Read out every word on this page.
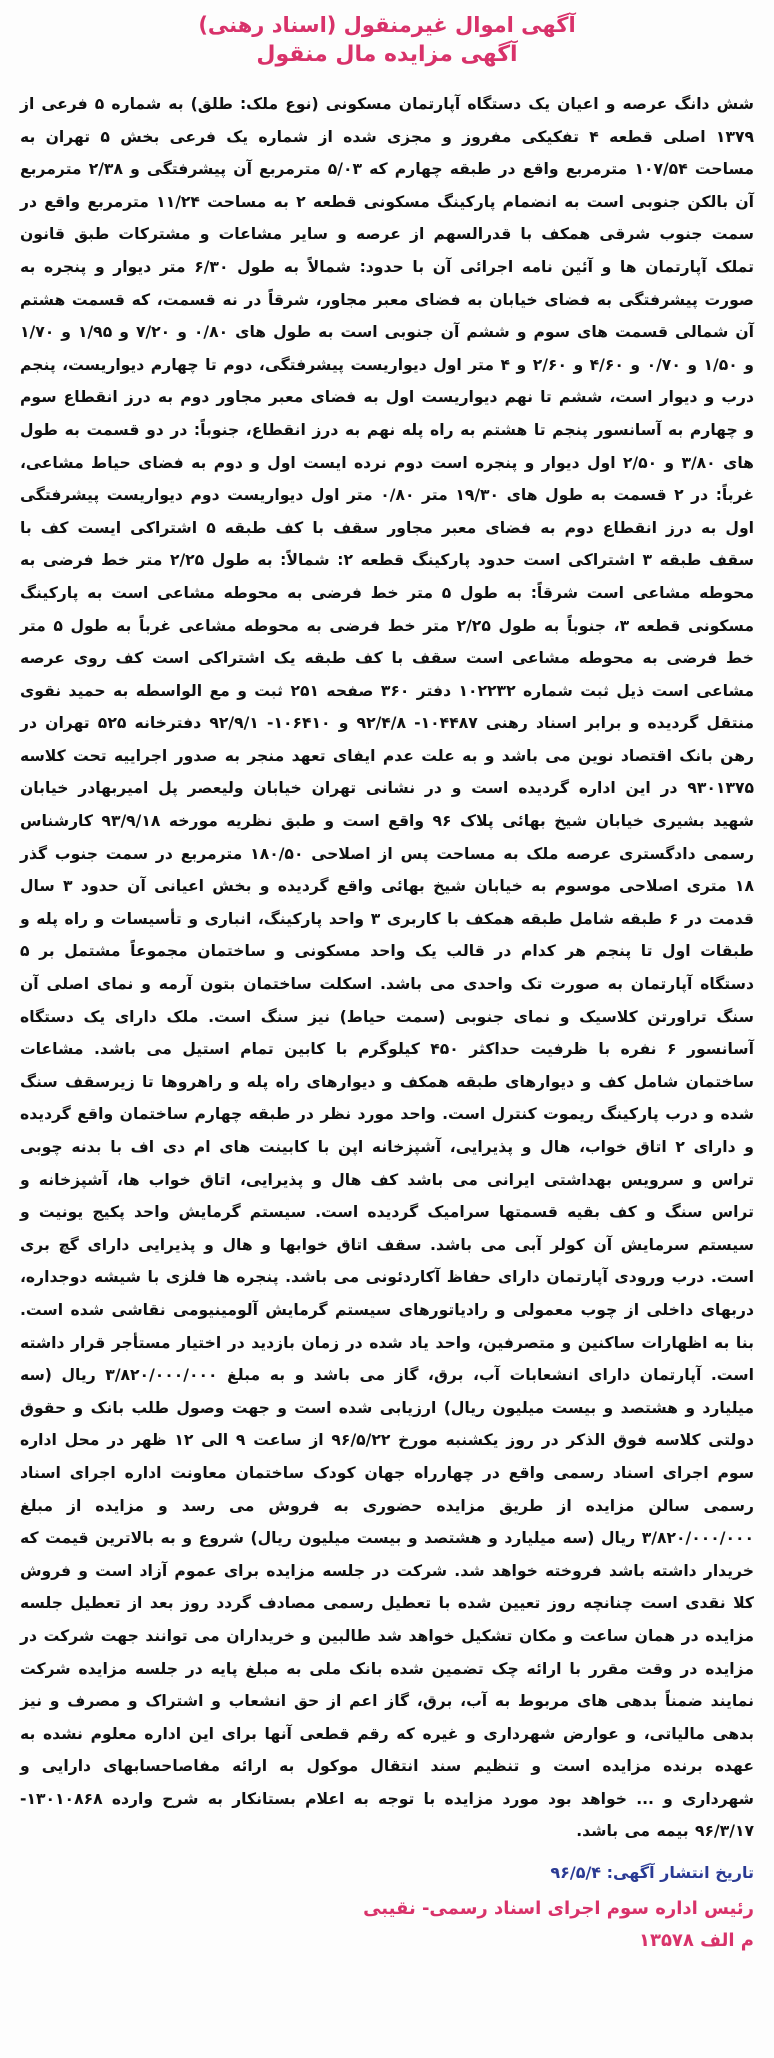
آگهی اموال غیرمنقول (اسناد رهنی)
آگهی مزایده مال منقول
شش دانگ عرصه و اعیان یک دستگاه آپارتمان مسکونی (نوع ملک: طلق) به شماره ۵ فرعی از ۱۳۷۹ اصلی قطعه ۴ تفکیکی مفروز و مجزی شده از شماره یک فرعی بخش ۵ تهران به مساحت ۱۰۷/۵۴ مترمربع واقع در طبقه چهارم که ۵/۰۳ مترمربع آن پیشرفتگی و ۲/۳۸ مترمربع آن بالکن جنوبی است به انضمام پارکینگ مسکونی قطعه ۲ به مساحت ۱۱/۲۴ مترمربع واقع در سمت جنوب شرقی همکف با قدرالسهم از عرصه و سایر مشاعات و مشترکات طبق قانون تملک آپارتمان ها و آئین نامه اجرائی آن با حدود: شمالاً به طول ۶/۳۰ متر دیوار و پنجره به صورت پیشرفتگی به فضای خیابان به فضای معبر مجاور، شرقاً در نه قسمت، که قسمت هشتم آن شمالی قسمت های سوم و ششم آن جنوبی است به طول های ۰/۸۰ و ۷/۲۰ و ۱/۹۵ و ۱/۷۰ و ۱/۵۰ و ۰/۷۰ و ۴/۶۰ و ۲/۶۰ و ۴ متر اول دیواریست پیشرفتگی، دوم تا چهارم دیواریست، پنجم درب و دیوار است، ششم تا نهم دیواریست اول به فضای معبر مجاور دوم به درز انقطاع سوم و چهارم به آسانسور پنجم تا هشتم به راه پله نهم به درز انقطاع، جنوباً: در دو قسمت به طول های ۳/۸۰ و ۲/۵۰ اول دیوار و پنجره است دوم نرده ایست اول و دوم به فضای حیاط مشاعی، غرباً: در ۲ قسمت به طول های ۱۹/۳۰ متر ۰/۸۰ متر اول دیواریست دوم دیواریست پیشرفتگی اول به درز انقطاع دوم به فضای معبر مجاور سقف با کف طبقه ۵ اشتراکی ایست کف با سقف طبقه ۳ اشتراکی است حدود پارکینگ قطعه ۲: شمالاً: به طول ۲/۲۵ متر خط فرضی به محوطه مشاعی است شرقاً: به طول ۵ متر خط فرضی به محوطه مشاعی است به پارکینگ مسکونی قطعه ۳، جنوباً به طول ۲/۲۵ متر خط فرضی به محوطه مشاعی غرباً به طول ۵ متر خط فرضی به محوطه مشاعی است سقف با کف طبقه یک اشتراکی است کف روی عرصه مشاعی است ذیل ثبت شماره ۱۰۲۲۳۲ دفتر ۳۶۰ صفحه ۲۵۱ ثبت و مع الواسطه به حمید نقوی منتقل گردیده و برابر اسناد رهنی ۱۰۴۴۸۷- ۹۲/۴/۸ و ۱۰۶۴۱۰- ۹۲/۹/۱ دفترخانه ۵۲۵ تهران در رهن بانک اقتصاد نوین می باشد و به علت عدم ایفای تعهد منجر به صدور اجراییه تحت کلاسه ۹۳۰۱۳۷۵ در این اداره گردیده است و در نشانی تهران خیابان ولیعصر پل امیربهادر خیابان شهید بشیری خیابان شیخ بهائی پلاک ۹۶ واقع است و طبق نظریه مورخه ۹۳/۹/۱۸ کارشناس رسمی دادگستری عرصه ملک به مساحت پس از اصلاحی ۱۸۰/۵۰ مترمربع در سمت جنوب گذر ۱۸ متری اصلاحی موسوم به خیابان شیخ بهائی واقع گردیده و بخش اعیانی آن حدود ۳ سال قدمت در ۶ طبقه شامل طبقه همکف با کاربری ۳ واحد پارکینگ، انباری و تأسیسات و راه پله و طبقات اول تا پنجم هر کدام در قالب یک واحد مسکونی و ساختمان مجموعاً مشتمل بر ۵ دستگاه آپارتمان به صورت تک واحدی می باشد. اسکلت ساختمان بتون آرمه و نمای اصلی آن سنگ تراورتن کلاسیک و نمای جنوبی (سمت حیاط) نیز سنگ است. ملک دارای یک دستگاه آسانسور ۶ نفره با ظرفیت حداکثر ۴۵۰ کیلوگرم با کابین تمام استیل می باشد. مشاعات ساختمان شامل کف و دیوارهای طبقه همکف و دیوارهای راه پله و راهروها تا زیرسقف سنگ شده و درب پارکینگ ریموت کنترل است. واحد مورد نظر در طبقه چهارم ساختمان واقع گردیده و دارای ۲ اتاق خواب، هال و پذیرایی، آشپزخانه اپن با کابینت های ام دی اف با بدنه چوبی تراس و سرویس بهداشتی ایرانی می باشد کف هال و پذیرایی، اتاق خواب ها، آشپزخانه و تراس سنگ و کف بقیه قسمتها سرامیک گردیده است. سیستم گرمایش واحد پکیج یونیت و سیستم سرمایش آن کولر آبی می باشد. سقف اتاق خوابها و هال و پذیرایی دارای گچ بری است. درب ورودی آپارتمان دارای حفاظ آکاردئونی می باشد. پنجره ها فلزی با شیشه دوجداره، دربهای داخلی از چوب معمولی و رادیاتورهای سیستم گرمایش آلومینیومی نقاشی شده است. بنا به اظهارات ساکنین و متصرفین، واحد یاد شده در زمان بازدید در اختیار مستأجر قرار داشته است. آپارتمان دارای انشعابات آب، برق، گاز می باشد و به مبلغ ۳/۸۲۰/۰۰۰/۰۰۰ ریال (سه میلیارد و هشتصد و بیست میلیون ریال) ارزیابی شده است و جهت وصول طلب بانک و حقوق دولتی کلاسه فوق الذکر در روز یکشنبه مورخ ۹۶/۵/۲۲ از ساعت ۹ الی ۱۲ ظهر در محل اداره سوم اجرای اسناد رسمی واقع در چهارراه جهان کودک ساختمان معاونت اداره اجرای اسناد رسمی سالن مزایده از طریق مزایده حضوری به فروش می رسد و مزایده از مبلغ ۳/۸۲۰/۰۰۰/۰۰۰ ریال (سه میلیارد و هشتصد و بیست میلیون ریال) شروع و به بالاترین قیمت که خریدار داشته باشد فروخته خواهد شد. شرکت در جلسه مزایده برای عموم آزاد است و فروش کلا نقدی است چنانچه روز تعیین شده با تعطیل رسمی مصادف گردد روز بعد از تعطیل جلسه مزایده در همان ساعت و مکان تشکیل خواهد شد طالبین و خریداران می توانند جهت شرکت در مزایده در وقت مقرر با ارائه چک تضمین شده بانک ملی به مبلغ پایه در جلسه مزایده شرکت نمایند ضمناً بدهی های مربوط به آب، برق، گاز اعم از حق انشعاب و اشتراک و مصرف و نیز بدهی مالیاتی، و عوارض شهرداری و غیره که رقم قطعی آنها برای این اداره معلوم نشده به عهده برنده مزایده است و تنظیم سند انتقال موکول به ارائه مفاصاحسابهای دارایی و شهرداری و ... خواهد بود مورد مزایده با توجه به اعلام بستانکار به شرح وارده ۱۳۰۱۰۸۶۸- ۹۶/۳/۱۷ بیمه می باشد.
تاریخ انتشار آگهی: ۹۶/۵/۴
رئیس اداره سوم اجرای اسناد رسمی- نقیبی
م الف ۱۳۵۷۸
